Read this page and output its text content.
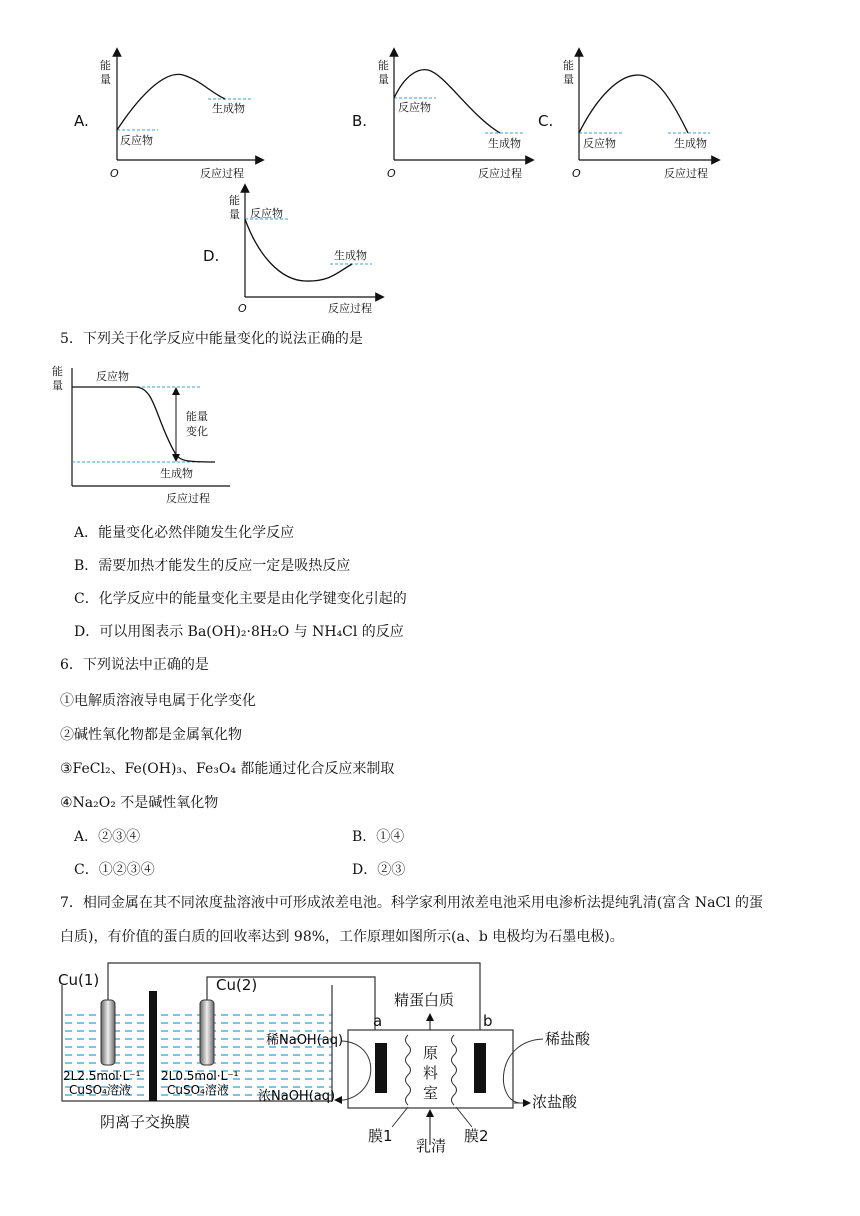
A.
能
量
O	反应过程
反应物
生成物
B.
能
量
O	反应过程
反应物
生成物
C.
能
量
O	反应过程
反应物	生成物
D.
能
量
O	反应过程
反应物
生成物
5．下列关于化学反应中能量变化的说法正确的是
能
量
反应物
生成物
能量
变化
反应过程
A．能量变化必然伴随发生化学反应
B．需要加热才能发生的反应一定是吸热反应
C．化学反应中的能量变化主要是由化学键变化引起的
D．可以用图表示 Ba(OH)₂·8H₂O 与 NH₄Cl 的反应
6．下列说法中正确的是
①电解质溶液导电属于化学变化
②碱性氧化物都是金属氧化物
③FeCl₂、Fe(OH)₃、Fe₃O₄ 都能通过化合反应来制取
④Na₂O₂ 不是碱性氧化物
A．②③④	B．①④
C．①②③④	D．②③
7．相同金属在其不同浓度盐溶液中可形成浓差电池。科学家利用浓差电池采用电渗析法提纯乳清(富含 NaCl 的蛋
白质)，有价值的蛋白质的回收率达到 98%，工作原理如图所示(a、b 电极均为石墨电极)。
Cu(1)	Cu(2)
2L2.5mol·L⁻¹
CuSO₄溶液
2L0.5mol·L⁻¹
CuSO₄溶液
阴离子交换膜
a	b
精蛋白质
原
料
室
稀NaOH(aq)
浓NaOH(aq)
稀盐酸
浓盐酸
膜1
乳清
膜2
